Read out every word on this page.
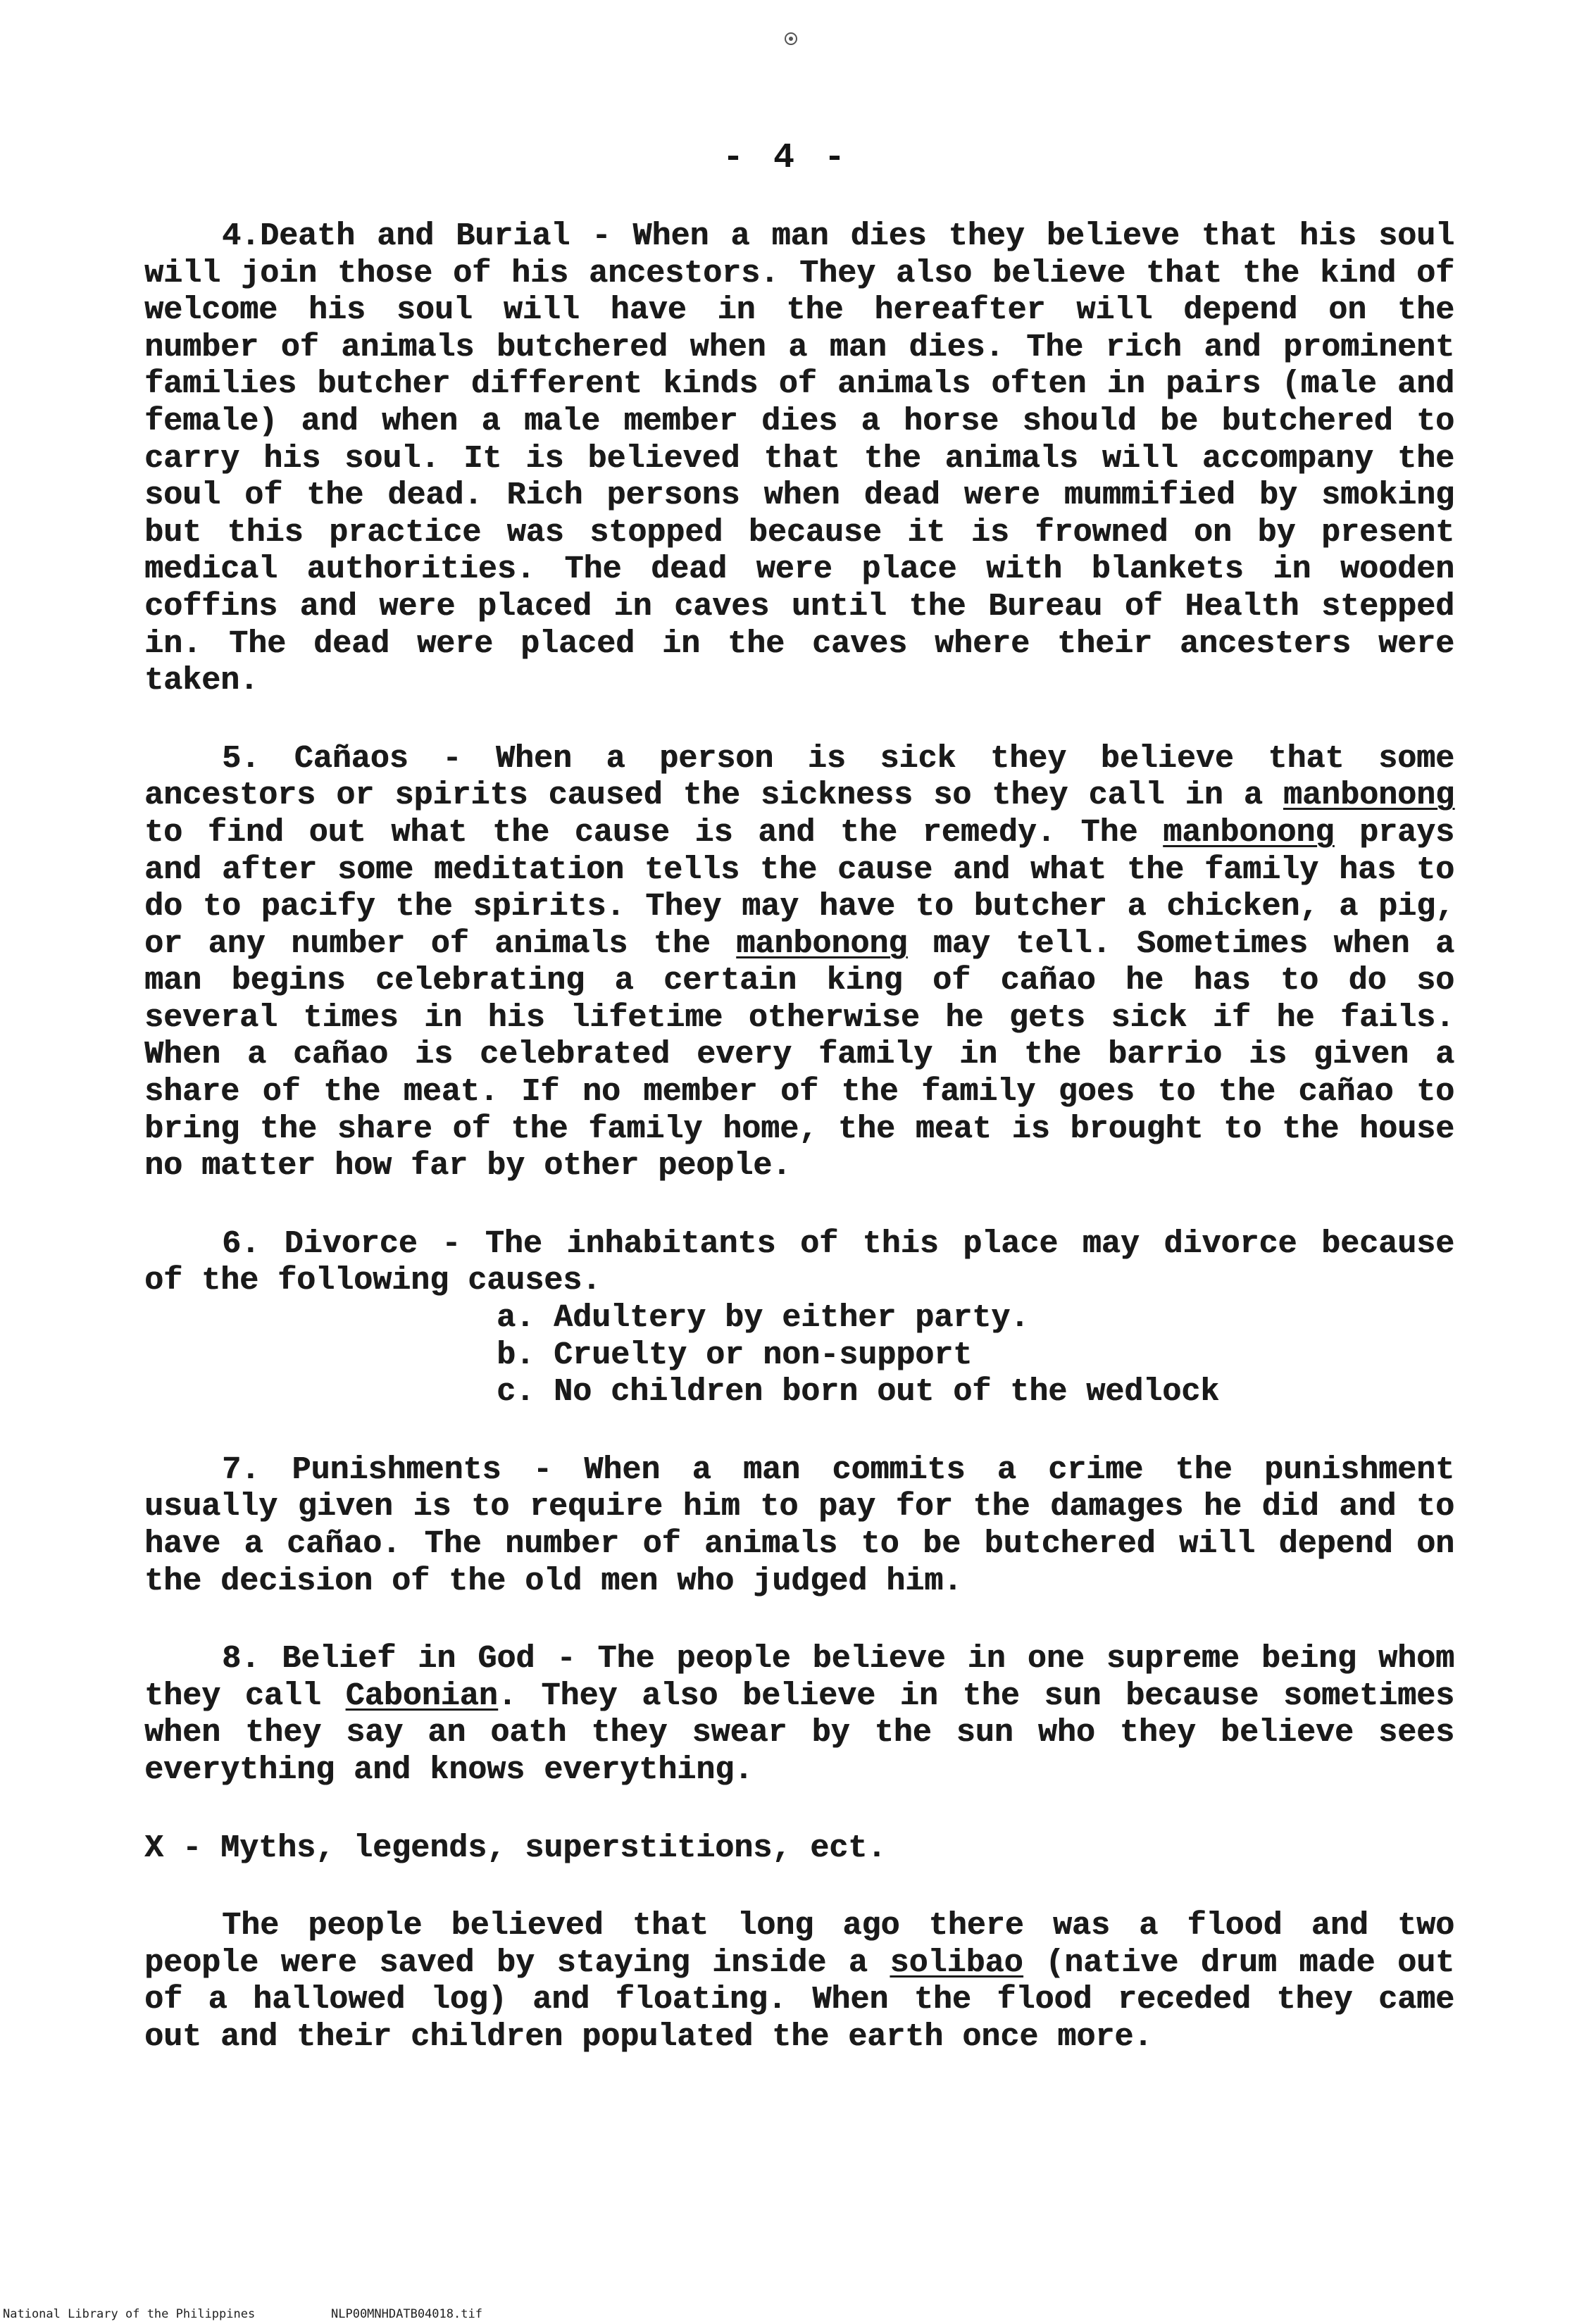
- 4 -

4.Death and Burial - When a man dies they believe that his soul will join those of his ancestors. They also believe that the kind of welcome his soul will have in the hereafter will depend on the number of animals butchered when a man dies. The rich and prominent families butcher different kinds of animals often in pairs (male and female) and when a male member dies a horse should be butchered to carry his soul. It is believed that the animals will accompany the soul of the dead. Rich persons when dead were mummified by smoking but this practice was stopped because it is frowned on by present medical authorities. The dead were place with blankets in wooden coffins and were placed in caves until the Bureau of Health stepped in. The dead were placed in the caves where their ancesters were taken.

5. Cañaos - When a person is sick they believe that some ancestors or spirits caused the sickness so they call in a manbonong to find out what the cause is and the remedy. The manbonong prays and after some meditation tells the cause and what the family has to do to pacify the spirits. They may have to butcher a chicken, a pig, or any number of animals the manbonong may tell. Sometimes when a man begins celebrating a certain king of cañao he has to do so several times in his lifetime otherwise he gets sick if he fails. When a cañao is celebrated every family in the barrio is given a share of the meat. If no member of the family goes to the cañao to bring the share of the family home, the meat is brought to the house no matter how far by other people.

6. Divorce - The inhabitants of this place may divorce because of the following causes.

a. Adultery by either party.
b. Cruelty or non-support
c. No children born out of the wedlock

7. Punishments - When a man commits a crime the punishment usually given is to require him to pay for the damages he did and to have a cañao. The number of animals to be butchered will depend on the decision of the old men who judged him.

8. Belief in God - The people believe in one supreme being whom they call Cabonian. They also believe in the sun because sometimes when they say an oath they swear by the sun who they believe sees everything and knows everything.

X - Myths, legends, superstitions, ect.

The people believed that long ago there was a flood and two people were saved by staying inside a solibao (native drum made out of a hallowed log) and floating. When the flood receded they came out and their children populated the earth once more.

National Library of the Philippines	NLP00MNHDATB04018.tif
